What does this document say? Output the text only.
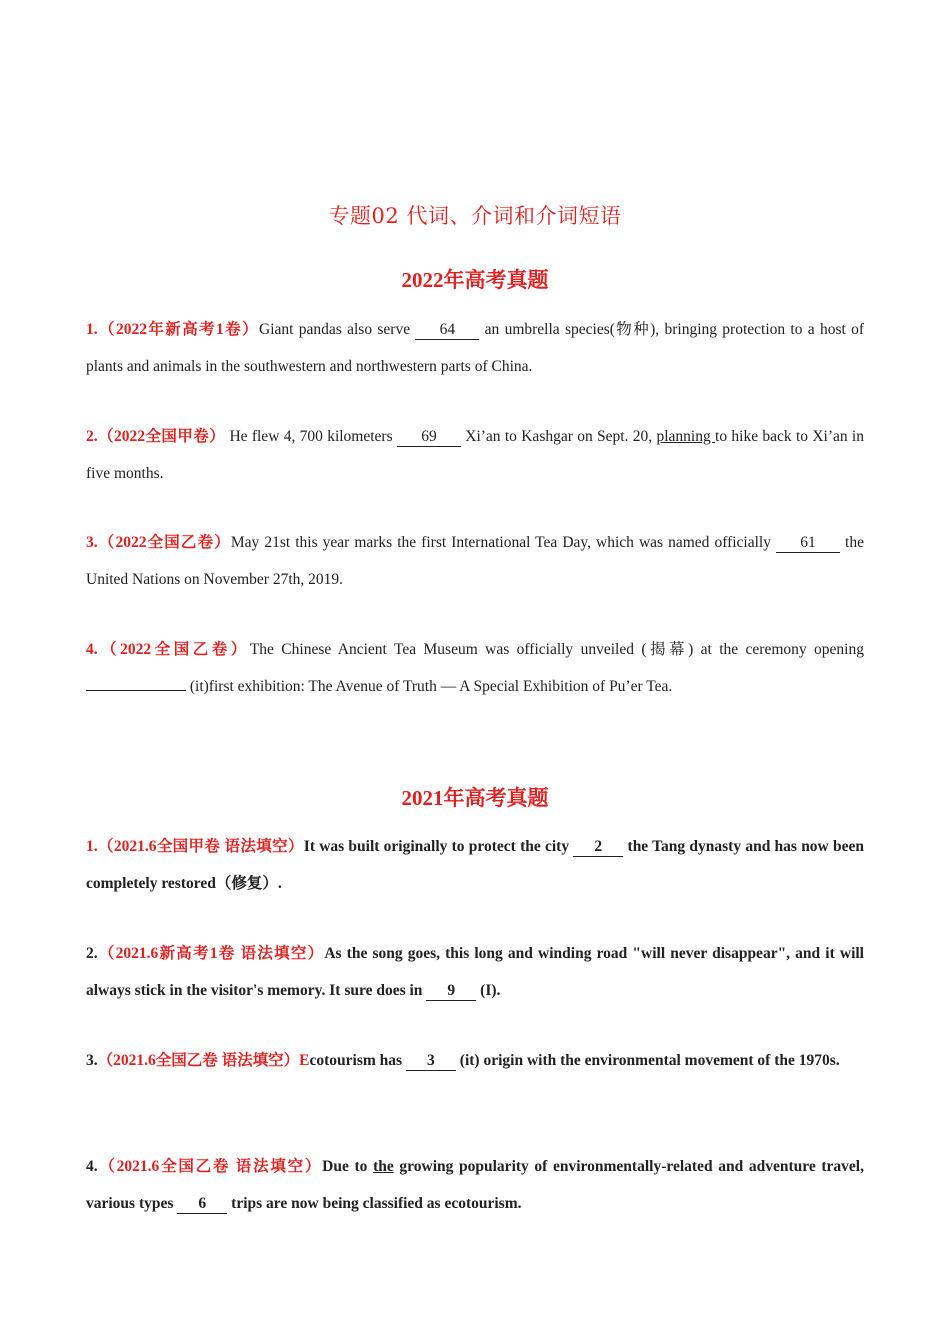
专题02 代词、介词和介词短语
2022年高考真题

1.（2022年新高考1卷）Giant pandas also serve 64 an umbrella species(物种), bringing protection to a host of plants and animals in the southwestern and northwestern parts of China.

2.（2022全国甲卷） He flew 4, 700 kilometers 69 Xi’an to Kashgar on Sept. 20, planning to hike back to Xi’an in five months.

3.（2022全国乙卷）May 21st this year marks the first International Tea Day, which was named officially 61 the United Nations on November 27th, 2019.

4.（2022全国乙卷）The Chinese Ancient Tea Museum was officially unveiled (揭幕) at the ceremony opening  (it)first exhibition: The Avenue of Truth — A Special Exhibition of Pu’er Tea.

2021年高考真题

1.（2021.6全国甲卷 语法填空）It was built originally to protect the city 2 the Tang dynasty and has now been completely restored（修复）.

2.（2021.6新高考1卷 语法填空）As the song goes, this long and winding road "will never disappear", and it will always stick in the visitor's memory. It sure does in 9 (I).

3.（2021.6全国乙卷 语法填空）Ecotourism has 3 (it) origin with the environmental movement of the 1970s.

4.（2021.6全国乙卷 语法填空）Due to the growing popularity of environmentally-related and adventure travel, various types 6 trips are now being classified as ecotourism.
